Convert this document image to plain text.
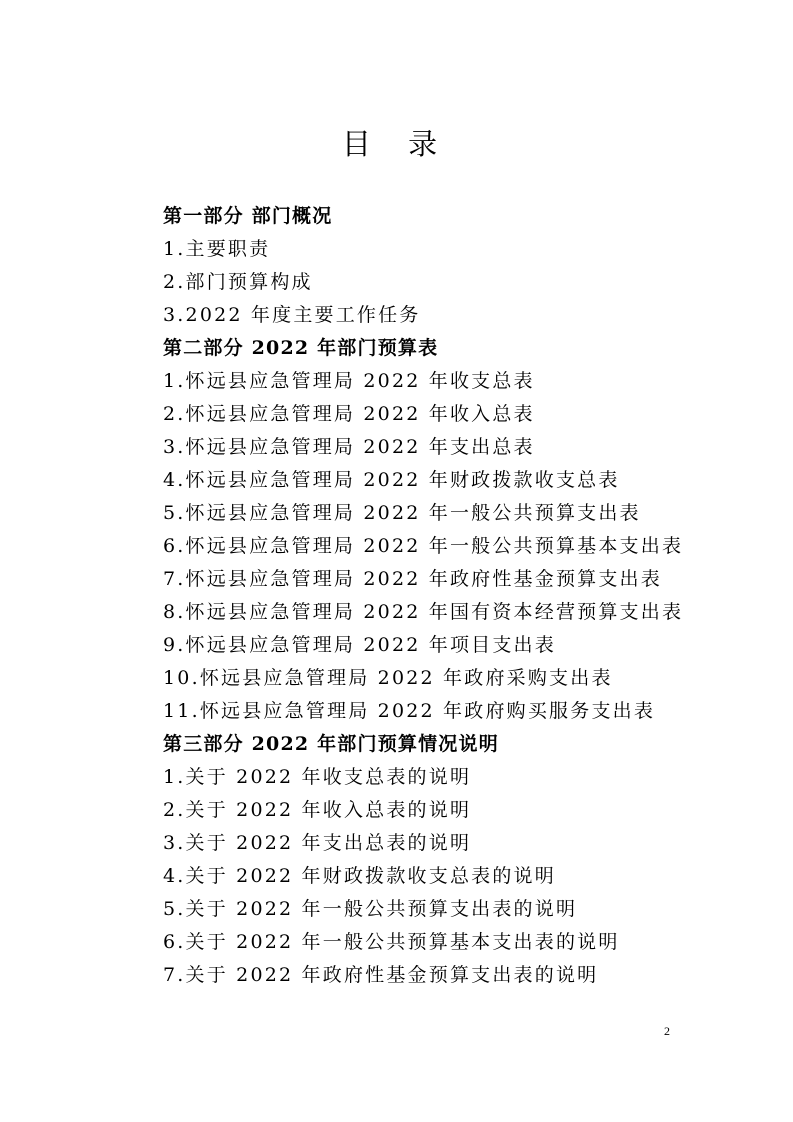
目 录
第一部分 部门概况
1.主要职责
2.部门预算构成
3.2022 年度主要工作任务
第二部分 2022 年部门预算表
1.怀远县应急管理局 2022 年收支总表
2.怀远县应急管理局 2022 年收入总表
3.怀远县应急管理局 2022 年支出总表
4.怀远县应急管理局 2022 年财政拨款收支总表
5.怀远县应急管理局 2022 年一般公共预算支出表
6.怀远县应急管理局 2022 年一般公共预算基本支出表
7.怀远县应急管理局 2022 年政府性基金预算支出表
8.怀远县应急管理局 2022 年国有资本经营预算支出表
9.怀远县应急管理局 2022 年项目支出表
10.怀远县应急管理局 2022 年政府采购支出表
11.怀远县应急管理局 2022 年政府购买服务支出表
第三部分 2022 年部门预算情况说明
1.关于 2022 年收支总表的说明
2.关于 2022 年收入总表的说明
3.关于 2022 年支出总表的说明
4.关于 2022 年财政拨款收支总表的说明
5.关于 2022 年一般公共预算支出表的说明
6.关于 2022 年一般公共预算基本支出表的说明
7.关于 2022 年政府性基金预算支出表的说明
2
